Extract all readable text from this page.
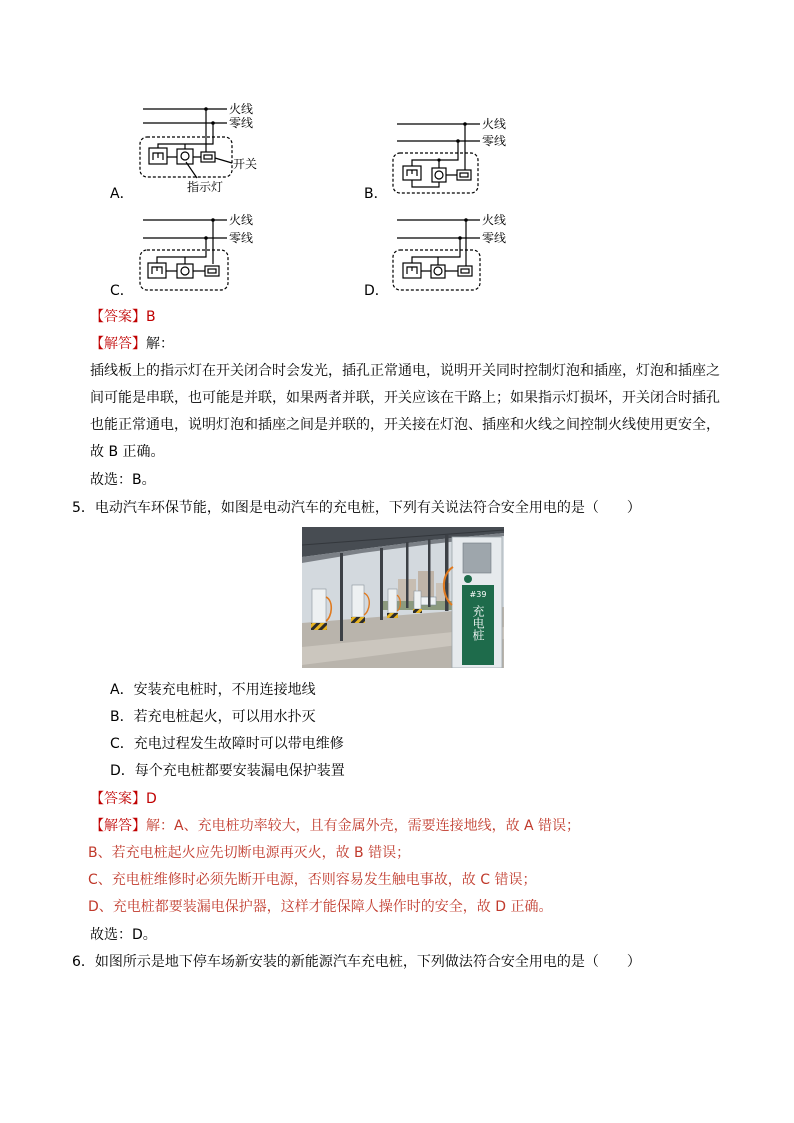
火线
零线
开关
指示灯
A．
火线
零线
B．
火线
零线
C．
火线
零线
D．
【答案】B
【解答】解：
插线板上的指示灯在开关闭合时会发光，插孔正常通电，说明开关同时控制灯泡和插座，灯泡和插座之
间可能是串联，也可能是并联，如果两者并联，开关应该在干路上；如果指示灯损坏，开关闭合时插孔
也能正常通电，说明灯泡和插座之间是并联的，开关接在灯泡、插座和火线之间控制火线使用更安全，
故 B 正确。
故选：B。
5．电动汽车环保节能，如图是电动汽车的充电桩，下列有关说法符合安全用电的是（　　）
#39
充电桩
A．安装充电桩时，不用连接地线
B．若充电桩起火，可以用水扑灭
C．充电过程发生故障时可以带电维修
D．每个充电桩都要安装漏电保护装置
【答案】D
【解答】解：A、充电桩功率较大，且有金属外壳，需要连接地线，故 A 错误；
B、若充电桩起火应先切断电源再灭火，故 B 错误；
C、充电桩维修时必须先断开电源，否则容易发生触电事故，故 C 错误；
D、充电桩都要装漏电保护器，这样才能保障人操作时的安全，故 D 正确。
故选：D。
6．如图所示是地下停车场新安装的新能源汽车充电桩，下列做法符合安全用电的是（　　）
